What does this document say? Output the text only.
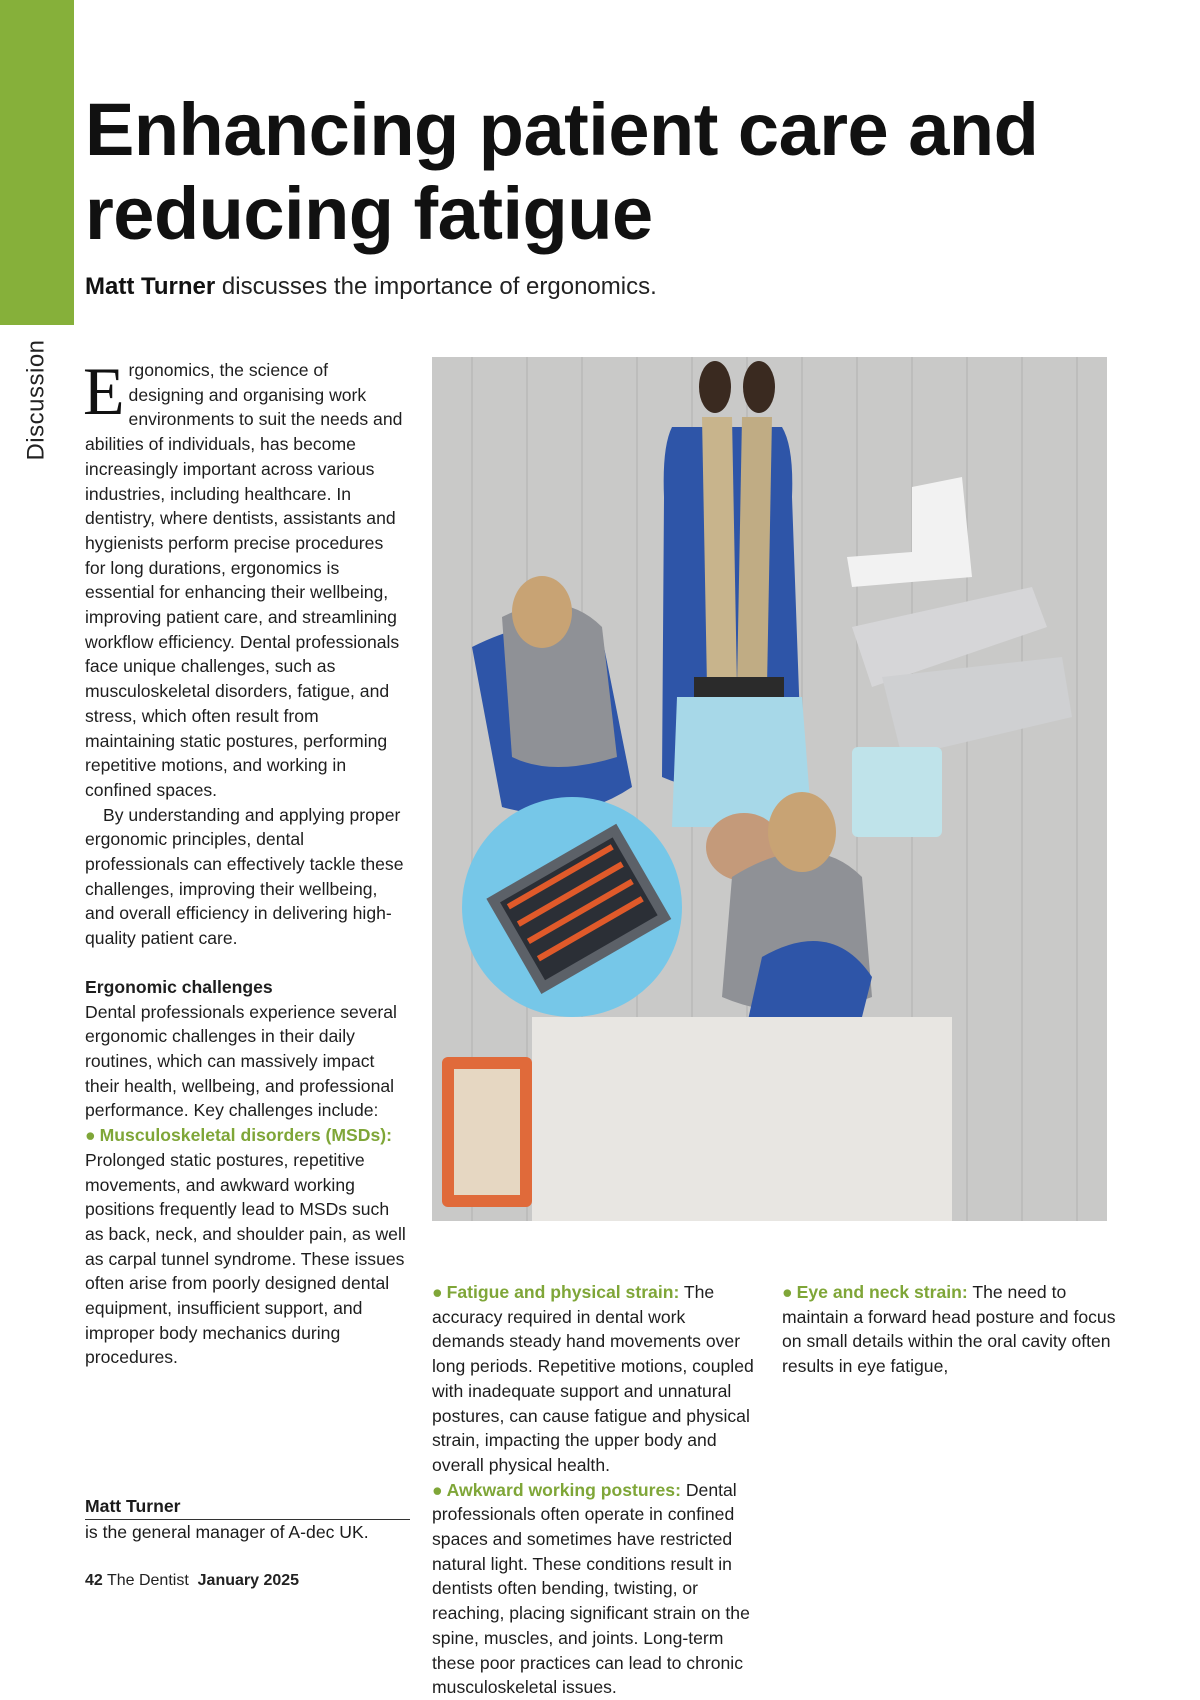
Discussion
Enhancing patient care and reducing fatigue
Matt Turner discusses the importance of ergonomics.

Ergonomics, the science of designing and organising work environments to suit the needs and abilities of individuals, has become increasingly important across various industries, including healthcare. In dentistry, where dentists, assistants and hygienists perform precise procedures for long durations, ergonomics is essential for enhancing their wellbeing, improving patient care, and streamlining workflow efficiency. Dental professionals face unique challenges, such as musculoskeletal disorders, fatigue, and stress, which often result from maintaining static postures, performing repetitive motions, and working in confined spaces.

By understanding and applying proper ergonomic principles, dental professionals can effectively tackle these challenges, improving their wellbeing, and overall efficiency in delivering high-quality patient care.

Ergonomic challenges

Dental professionals experience several ergonomic challenges in their daily routines, which can massively impact their health, wellbeing, and professional performance. Key challenges include:

● Musculoskeletal disorders (MSDs): Prolonged static postures, repetitive movements, and awkward working positions frequently lead to MSDs such as back, neck, and shoulder pain, as well as carpal tunnel syndrome. These issues often arise from poorly designed dental equipment, insufficient support, and improper body mechanics during procedures.

Matt Turner
is the general manager of A-dec UK.

● Fatigue and physical strain: The accuracy required in dental work demands steady hand movements over long periods. Repetitive motions, coupled with inadequate support and unnatural postures, can cause fatigue and physical strain, impacting the upper body and overall physical health.

● Awkward working postures: Dental professionals often operate in confined spaces and sometimes have restricted natural light. These conditions result in dentists often bending, twisting, or reaching, placing significant strain on the spine, muscles, and joints. Long-term these poor practices can lead to chronic musculoskeletal issues.

● Eye and neck strain: The need to maintain a forward head posture and focus on small details within the oral cavity often results in eye fatigue,

42 The Dentist January 2025
